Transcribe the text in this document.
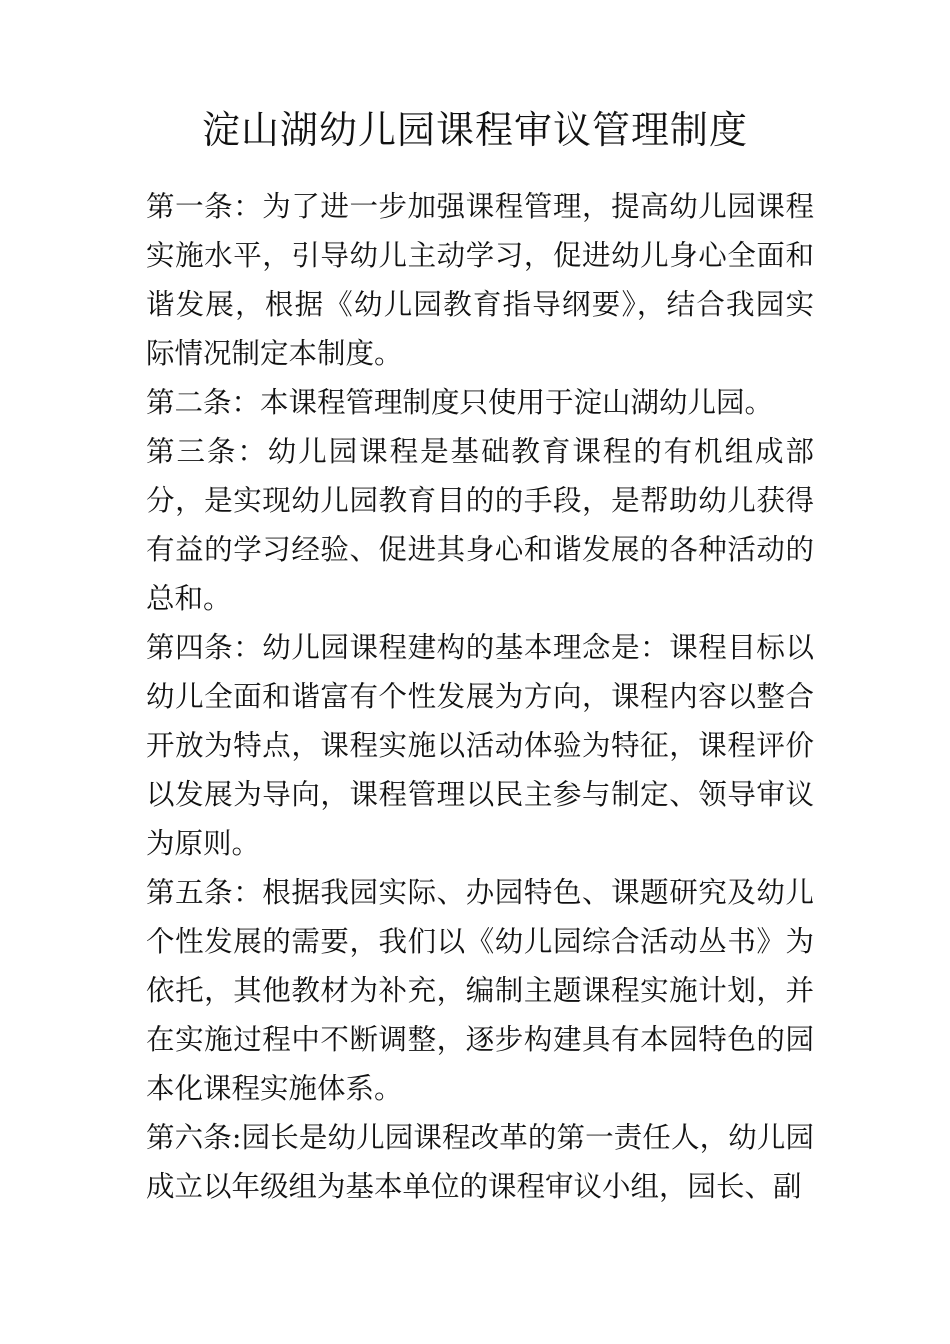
淀山湖幼儿园课程审议管理制度

第一条：为了进一步加强课程管理，提高幼儿园课程实施水平，引导幼儿主动学习，促进幼儿身心全面和谐发展，根据《幼儿园教育指导纲要》，结合我园实际情况制定本制度。

第二条：本课程管理制度只使用于淀山湖幼儿园。

第三条：幼儿园课程是基础教育课程的有机组成部分，是实现幼儿园教育目的的手段，是帮助幼儿获得有益的学习经验、促进其身心和谐发展的各种活动的总和。

第四条：幼儿园课程建构的基本理念是：课程目标以幼儿全面和谐富有个性发展为方向，课程内容以整合开放为特点，课程实施以活动体验为特征，课程评价以发展为导向，课程管理以民主参与制定、领导审议为原则。

第五条：根据我园实际、办园特色、课题研究及幼儿个性发展的需要，我们以《幼儿园综合活动丛书》为依托，其他教材为补充，编制主题课程实施计划，并在实施过程中不断调整，逐步构建具有本园特色的园本化课程实施体系。

第六条:园长是幼儿园课程改革的第一责任人，幼儿园成立以年级组为基本单位的课程审议小组，园长、副
